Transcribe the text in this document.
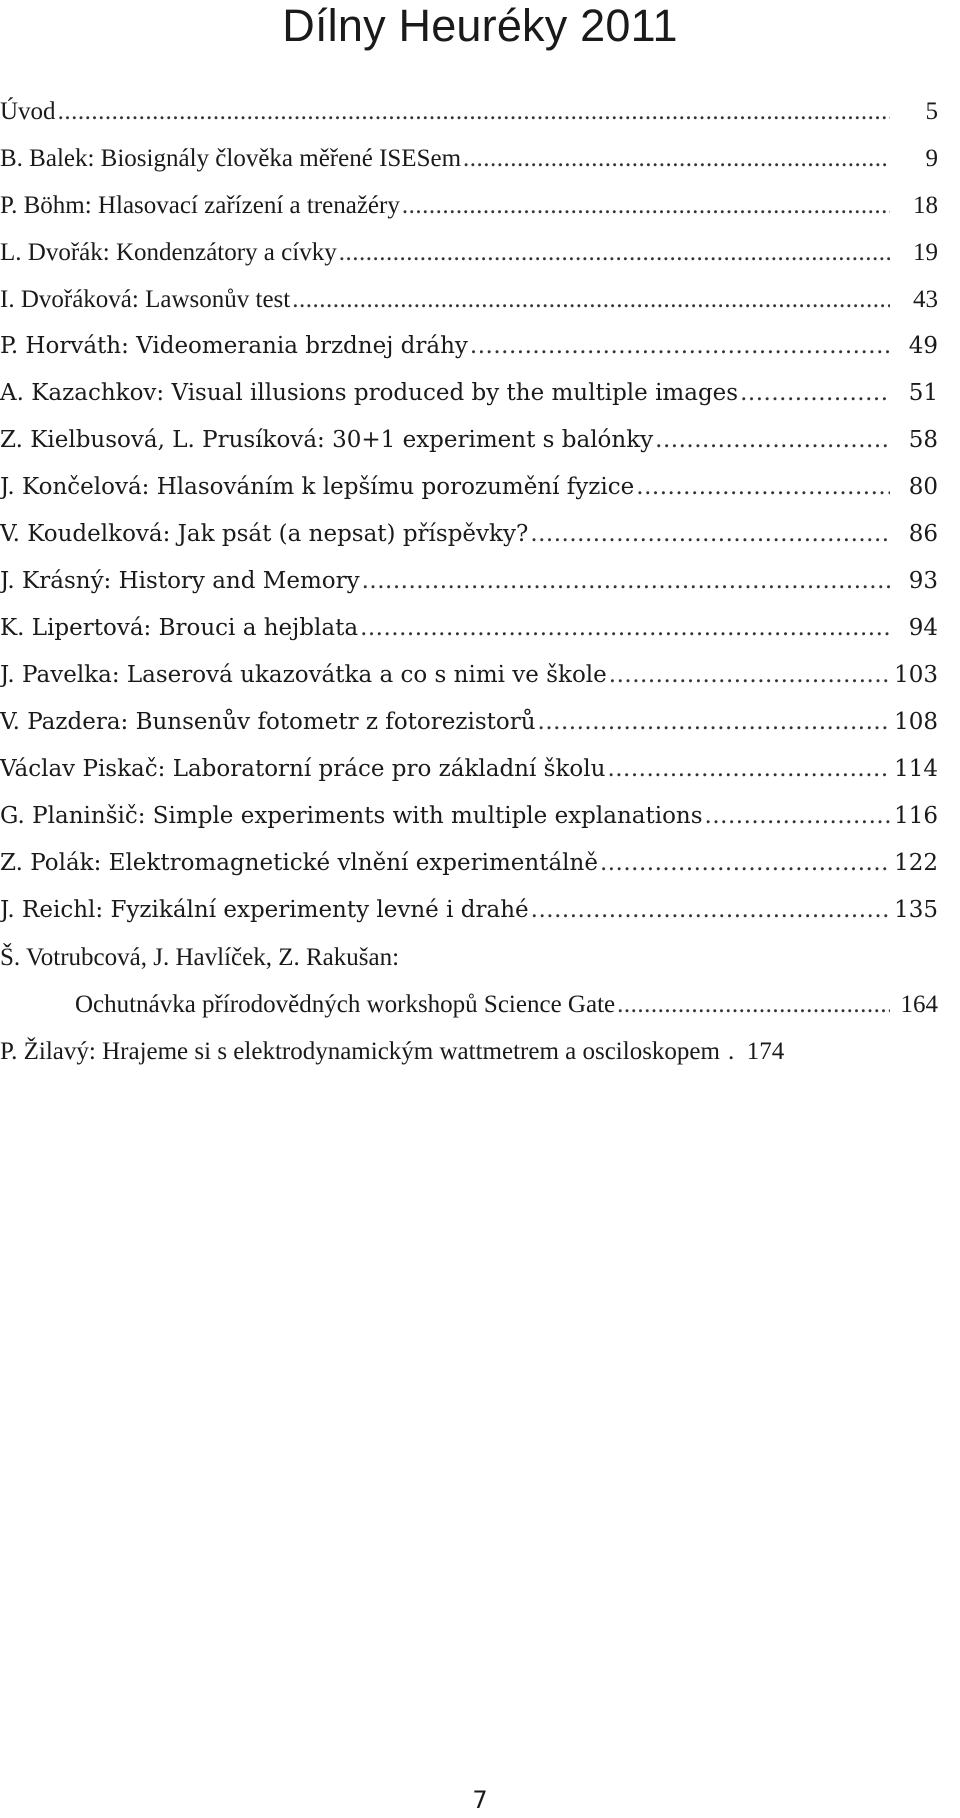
Dílny Heuréky 2011
Úvod .....	5
B. Balek: Biosignály člověka měřené ISESem .....	9
P. Böhm: Hlasovací zařízení a trenažéry .....	18
L. Dvořák: Kondenzátory a cívky .....	19
I. Dvořáková: Lawsonův test .....	43
P. Horváth: Videomerania brzdnej dráhy .....	49
A. Kazachkov: Visual illusions produced by the multiple images .....	51
Z. Kielbusová, L. Prusíková: 30+1 experiment s balónky .....	58
J. Končelová: Hlasováním k lepšímu porozumění fyzice .....	80
V. Koudelková: Jak psát (a nepsat) příspěvky? .....	86
J. Krásný: History and Memory .....	93
K. Lipertová: Brouci a hejblata .....	94
J. Pavelka: Laserová ukazovátka a co s nimi ve škole .....	103
V. Pazdera: Bunsenův fotometr z fotorezistorů .....	108
Václav Piskač: Laboratorní práce pro základní školu .....	114
G. Planinšič: Simple experiments with multiple explanations .....	116
Z. Polák: Elektromagnetické vlnění experimentálně .....	122
J. Reichl: Fyzikální experimenty levné i drahé .....	135
Š. Votrubcová, J. Havlíček, Z. Rakušan:
Ochutnávka přírodovědných workshopů Science Gate .....	164
P. Žilavý: Hrajeme si s elektrodynamickým wattmetrem a osciloskopem . 174
7
